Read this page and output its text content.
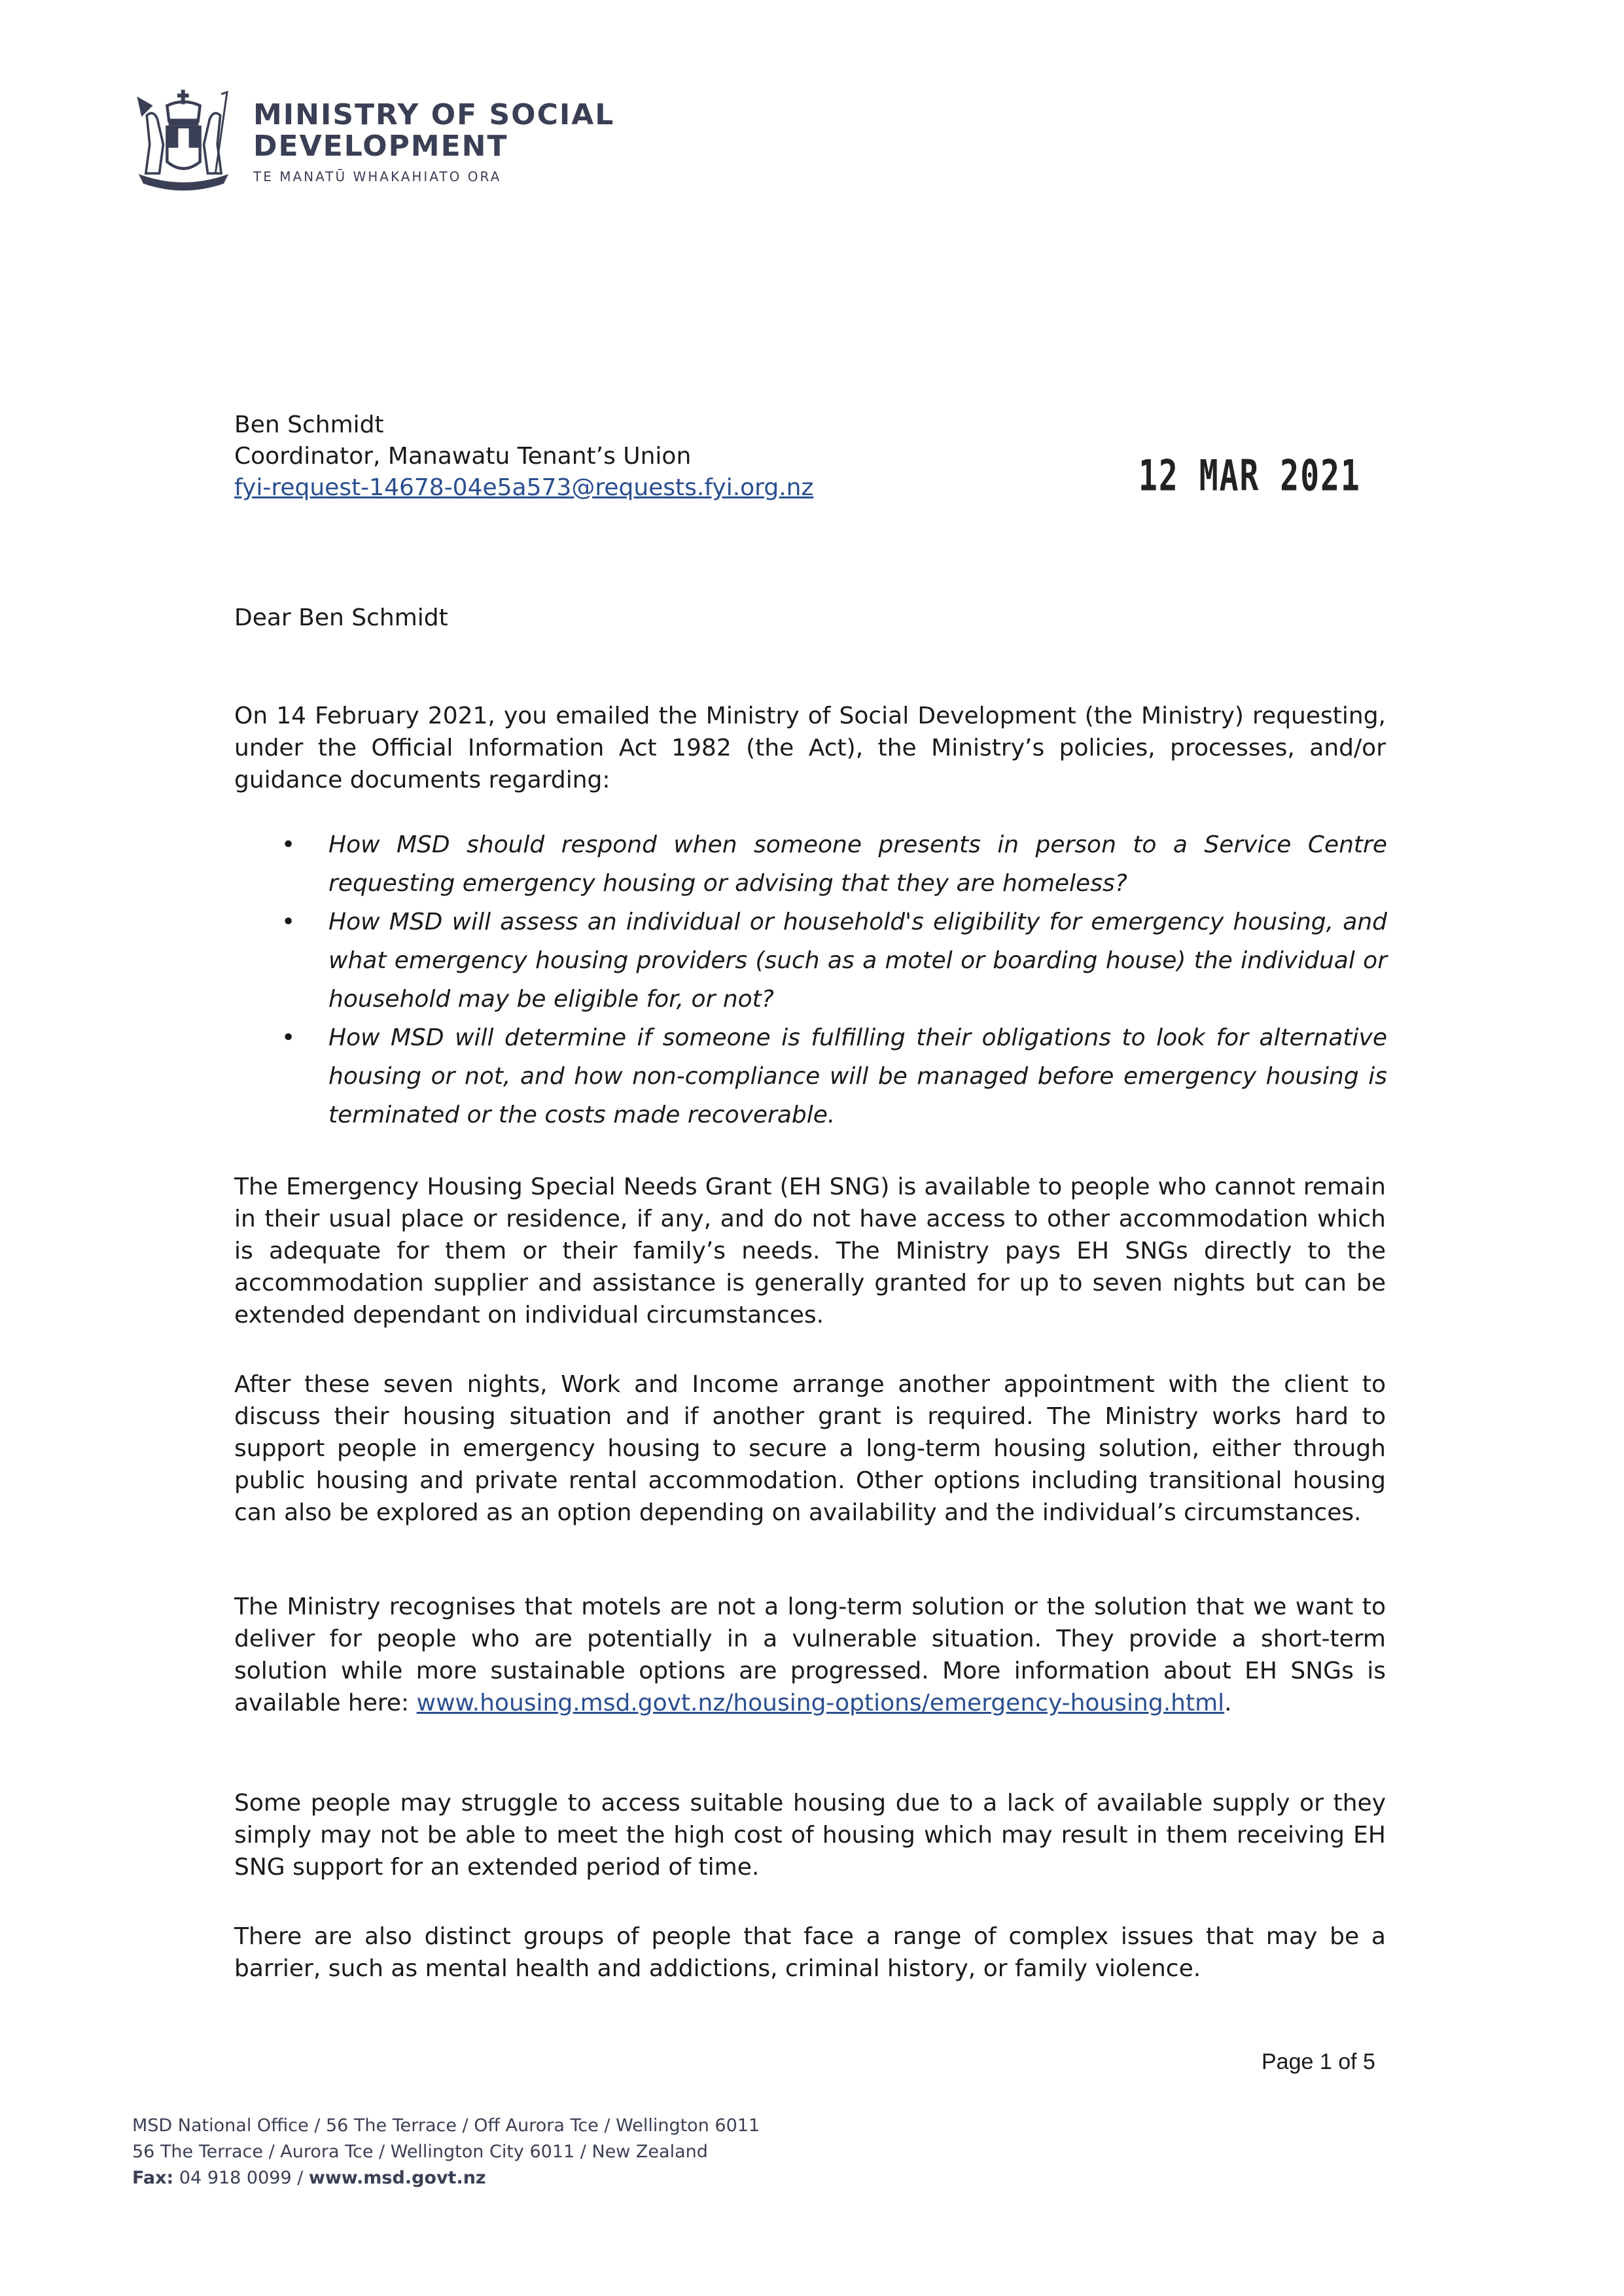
MINISTRY OF SOCIAL
DEVELOPMENT
TE MANATŪ WHAKAHIATO ORA
Ben Schmidt
Coordinator, Manawatu Tenant’s Union
fyi-request-14678-04e5a573@requests.fyi.org.nz	12 MAR 2021
Dear Ben Schmidt
On 14 February 2021, you emailed the Ministry of Social Development (the Ministry) requesting, under the Official Information Act 1982 (the Act), the Ministry’s policies, processes, and/or guidance documents regarding:
• How MSD should respond when someone presents in person to a Service Centre requesting emergency housing or advising that they are homeless?
• How MSD will assess an individual or household's eligibility for emergency housing, and what emergency housing providers (such as a motel or boarding house) the individual or household may be eligible for, or not?
• How MSD will determine if someone is fulfilling their obligations to look for alternative housing or not, and how non-compliance will be managed before emergency housing is terminated or the costs made recoverable.
The Emergency Housing Special Needs Grant (EH SNG) is available to people who cannot remain in their usual place or residence, if any, and do not have access to other accommodation which is adequate for them or their family’s needs. The Ministry pays EH SNGs directly to the accommodation supplier and assistance is generally granted for up to seven nights but can be extended dependant on individual circumstances.
After these seven nights, Work and Income arrange another appointment with the client to discuss their housing situation and if another grant is required. The Ministry works hard to support people in emergency housing to secure a long-term housing solution, either through public housing and private rental accommodation. Other options including transitional housing can also be explored as an option depending on availability and the individual’s circumstances.
The Ministry recognises that motels are not a long-term solution or the solution that we want to deliver for people who are potentially in a vulnerable situation. They provide a short-term solution while more sustainable options are progressed. More information about EH SNGs is available here: www.housing.msd.govt.nz/housing-options/emergency-housing.html.
Some people may struggle to access suitable housing due to a lack of available supply or they simply may not be able to meet the high cost of housing which may result in them receiving EH SNG support for an extended period of time.
There are also distinct groups of people that face a range of complex issues that may be a barrier, such as mental health and addictions, criminal history, or family violence.
Page 1 of 5
MSD National Office / 56 The Terrace / Off Aurora Tce / Wellington 6011
56 The Terrace / Aurora Tce / Wellington City 6011 / New Zealand
Fax: 04 918 0099 / www.msd.govt.nz
